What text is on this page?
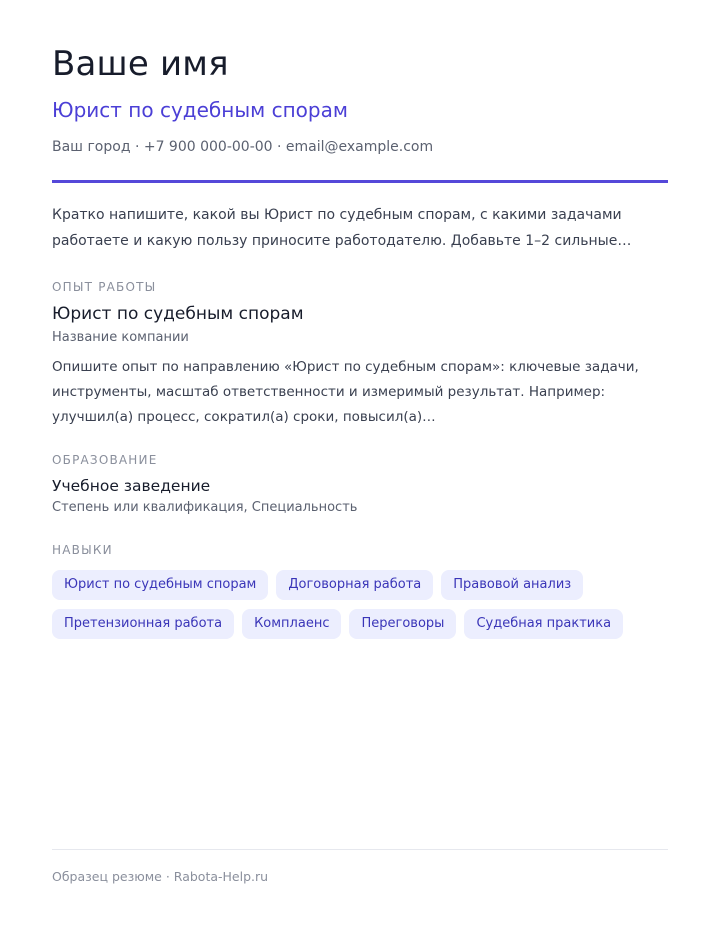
Ваше имя
Юрист по судебным спорам
Ваш город · +7 900 000-00-00 · email@example.com

Кратко напишите, какой вы Юрист по судебным спорам, с какими задачами работаете и какую пользу приносите работодателю. Добавьте 1–2 сильные…

ОПЫТ РАБОТЫ
Юрист по судебным спорам
Название компании

Опишите опыт по направлению «Юрист по судебным спорам»: ключевые задачи, инструменты, масштаб ответственности и измеримый результат. Например: улучшил(а) процесс, сократил(а) сроки, повысил(а)…

ОБРАЗОВАНИЕ
Учебное заведение
Степень или квалификация, Специальность
НАВЫКИ
Юрист по судебным спорам	Договорная работа	Правовой анализ
Претензионная работа	Комплаенс	Переговоры	Судебная практика
Образец резюме · Rabota-Help.ru
